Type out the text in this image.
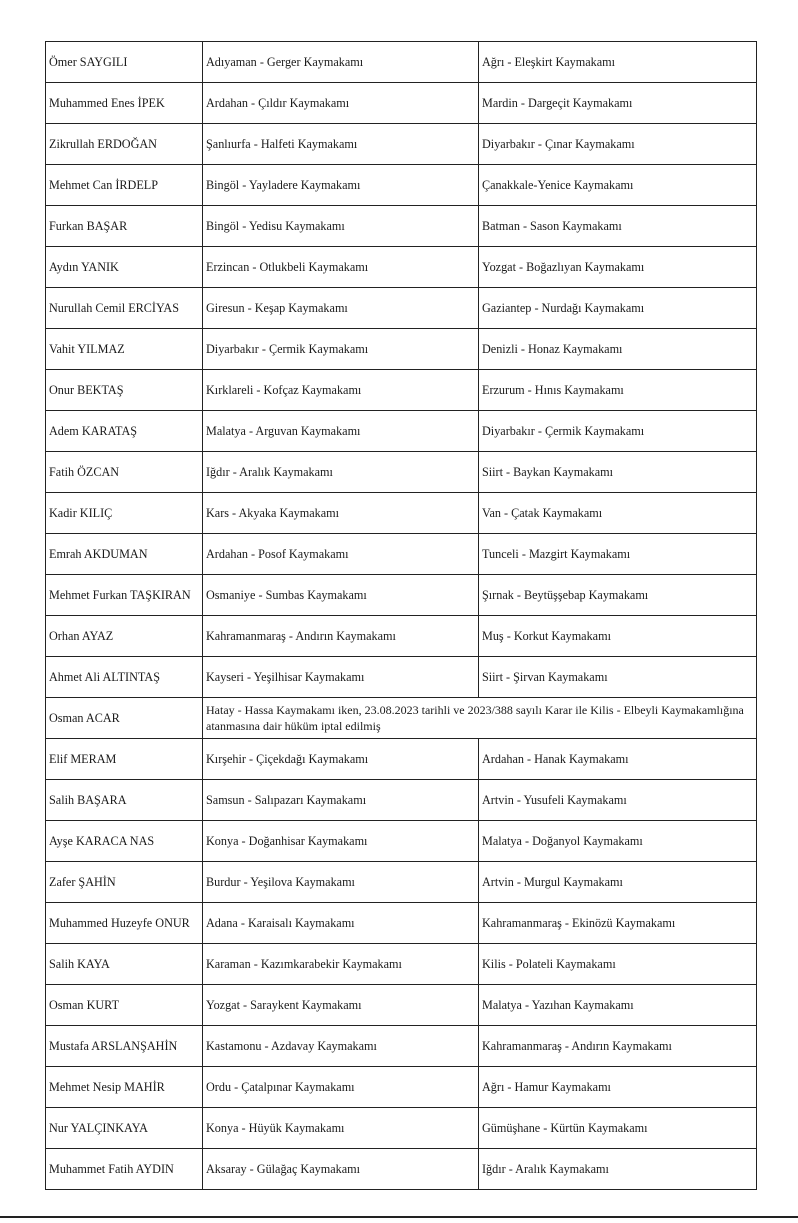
Ömer SAYGILI	Adıyaman - Gerger Kaymakamı	Ağrı - Eleşkirt Kaymakamı
Muhammed Enes İPEK	Ardahan - Çıldır Kaymakamı	Mardin - Dargeçit Kaymakamı
Zikrullah ERDOĞAN	Şanlıurfa - Halfeti Kaymakamı	Diyarbakır - Çınar Kaymakamı
Mehmet Can İRDELP	Bingöl - Yayladere Kaymakamı	Çanakkale-Yenice Kaymakamı
Furkan BAŞAR	Bingöl - Yedisu Kaymakamı	Batman - Sason Kaymakamı
Aydın YANIK	Erzincan - Otlukbeli Kaymakamı	Yozgat - Boğazlıyan Kaymakamı
Nurullah Cemil ERCİYAS	Giresun - Keşap Kaymakamı	Gaziantep - Nurdağı Kaymakamı
Vahit YILMAZ	Diyarbakır - Çermik Kaymakamı	Denizli - Honaz Kaymakamı
Onur BEKTAŞ	Kırklareli - Kofçaz Kaymakamı	Erzurum - Hınıs Kaymakamı
Adem KARATAŞ	Malatya - Arguvan Kaymakamı	Diyarbakır - Çermik Kaymakamı
Fatih ÖZCAN	Iğdır - Aralık Kaymakamı	Siirt - Baykan Kaymakamı
Kadir KILIÇ	Kars - Akyaka Kaymakamı	Van - Çatak Kaymakamı
Emrah AKDUMAN	Ardahan - Posof Kaymakamı	Tunceli - Mazgirt Kaymakamı
Mehmet Furkan TAŞKIRAN	Osmaniye - Sumbas Kaymakamı	Şırnak - Beytüşşebap Kaymakamı
Orhan AYAZ	Kahramanmaraş - Andırın Kaymakamı	Muş - Korkut Kaymakamı
Ahmet Ali ALTINTAŞ	Kayseri - Yeşilhisar Kaymakamı	Siirt - Şirvan Kaymakamı
Osman ACAR	Hatay - Hassa Kaymakamı iken, 23.08.2023 tarihli ve 2023/388 sayılı Karar ile Kilis - Elbeyli Kaymakamlığına atanmasına dair hüküm iptal edilmiş	
Elif MERAM	Kırşehir - Çiçekdağı Kaymakamı	Ardahan - Hanak Kaymakamı
Salih BAŞARA	Samsun - Salıpazarı Kaymakamı	Artvin - Yusufeli Kaymakamı
Ayşe KARACA NAS	Konya - Doğanhisar Kaymakamı	Malatya - Doğanyol Kaymakamı
Zafer ŞAHİN	Burdur - Yeşilova Kaymakamı	Artvin - Murgul Kaymakamı
Muhammed Huzeyfe ONUR	Adana - Karaisalı Kaymakamı	Kahramanmaraş - Ekinözü Kaymakamı
Salih KAYA	Karaman - Kazımkarabekir Kaymakamı	Kilis - Polateli Kaymakamı
Osman KURT	Yozgat - Saraykent Kaymakamı	Malatya - Yazıhan Kaymakamı
Mustafa ARSLANŞAHİN	Kastamonu - Azdavay Kaymakamı	Kahramanmaraş - Andırın Kaymakamı
Mehmet Nesip MAHİR	Ordu - Çatalpınar Kaymakamı	Ağrı - Hamur Kaymakamı
Nur YALÇINKAYA	Konya - Hüyük Kaymakamı	Gümüşhane - Kürtün Kaymakamı
Muhammet Fatih AYDIN	Aksaray - Gülağaç Kaymakamı	Iğdır - Aralık Kaymakamı
